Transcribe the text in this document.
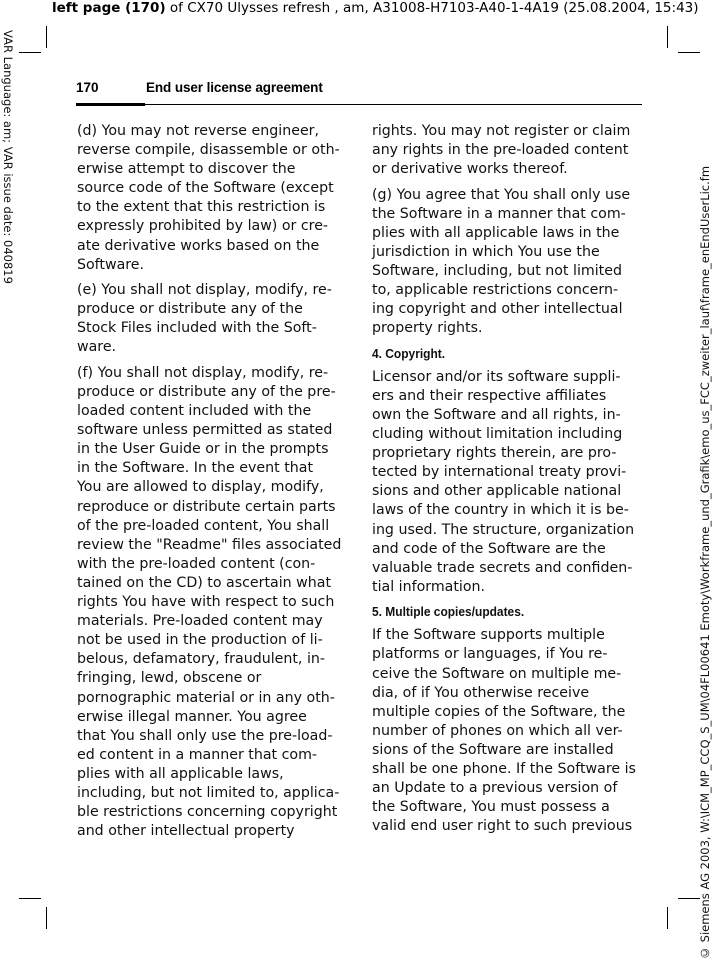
left page (170) of CX70 Ulysses refresh , am, A31008-H7103-A40-1-4A19 (25.08.2004, 15:43)
VAR Language: am; VAR issue date: 040819
© Siemens AG 2003, W:\ICM_MP_CCQ_S_UM\04FL00641 Emoty\Workframe_und_Grafik\emo_us_FCC_zweiter_lauf\frame_enEndUserLic.fm
170	End user license agreement

(d) You may not reverse engineer,
reverse compile, disassemble or oth-
erwise attempt to discover the
source code of the Software (except
to the extent that this restriction is
expressly prohibited by law) or cre-
ate derivative works based on the
Software.

(e) You shall not display, modify, re-
produce or distribute any of the
Stock Files included with the Soft-
ware.

(f) You shall not display, modify, re-
produce or distribute any of the pre-
loaded content included with the
software unless permitted as stated
in the User Guide or in the prompts
in the Software. In the event that
You are allowed to display, modify,
reproduce or distribute certain parts
of the pre-loaded content, You shall
review the "Readme" files associated
with the pre-loaded content (con-
tained on the CD) to ascertain what
rights You have with respect to such
materials. Pre-loaded content may
not be used in the production of li-
belous, defamatory, fraudulent, in-
fringing, lewd, obscene or
pornographic material or in any oth-
erwise illegal manner. You agree
that You shall only use the pre-load-
ed content in a manner that com-
plies with all applicable laws,
including, but not limited to, applica-
ble restrictions concerning copyright
and other intellectual property

rights. You may not register or claim
any rights in the pre-loaded content
or derivative works thereof.

(g) You agree that You shall only use
the Software in a manner that com-
plies with all applicable laws in the
jurisdiction in which You use the
Software, including, but not limited
to, applicable restrictions concern-
ing copyright and other intellectual
property rights.

4. Copyright.

Licensor and/or its software suppli-
ers and their respective affiliates
own the Software and all rights, in-
cluding without limitation including
proprietary rights therein, are pro-
tected by international treaty provi-
sions and other applicable national
laws of the country in which it is be-
ing used. The structure, organization
and code of the Software are the
valuable trade secrets and confiden-
tial information.

5. Multiple copies/updates.

If the Software supports multiple
platforms or languages, if You re-
ceive the Software on multiple me-
dia, of if You otherwise receive
multiple copies of the Software, the
number of phones on which all ver-
sions of the Software are installed
shall be one phone. If the Software is
an Update to a previous version of
the Software, You must possess a
valid end user right to such previous
